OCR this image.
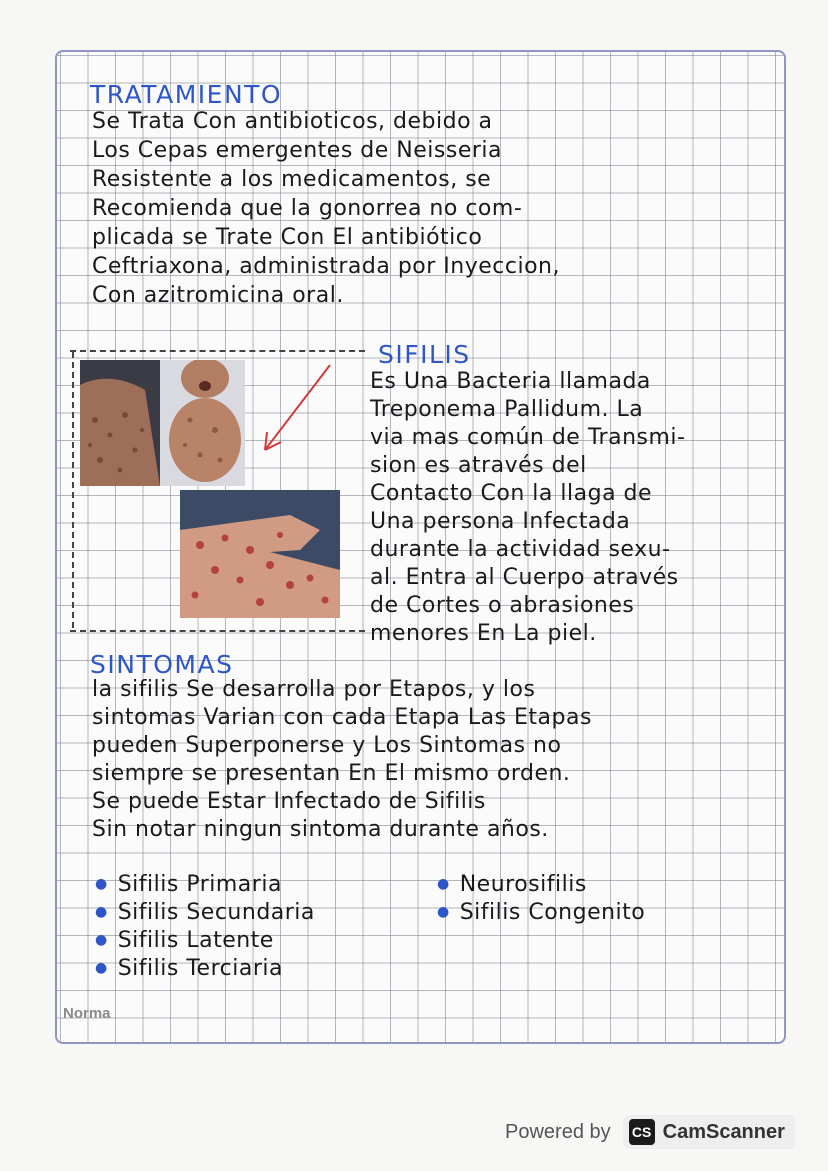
TRATAMIENTO
Se Trata Con antibioticos, debido a
Los Cepas emergentes de Neisseria
Resistente a los medicamentos, se
Recomienda que la gonorrea no com-
plicada se Trate Con El antibiótico
Ceftriaxona, administrada por Inyeccion,
Con azitromicina oral.
SIFILIS
Es Una Bacteria llamada
Treponema Pallidum. La
via mas común de Transmi-
sion es através del
Contacto Con la llaga de
Una persona Infectada
durante la actividad sexu-
al. Entra al Cuerpo através
de Cortes o abrasiones
menores En La piel.
SINTOMAS
la sifilis Se desarrolla por Etapos, y los
sintomas Varian con cada Etapa Las Etapas
pueden Superponerse y Los Sintomas no
siempre se presentan En El mismo orden.
Se puede Estar Infectado de Sifilis
Sin notar ningun sintoma durante años.
● Sifilis Primaria
● Sifilis Secundaria
● Sifilis Latente
● Sifilis Terciaria
● Neurosifilis
● Sifilis Congenito
Norma
Powered by CS CamScanner
